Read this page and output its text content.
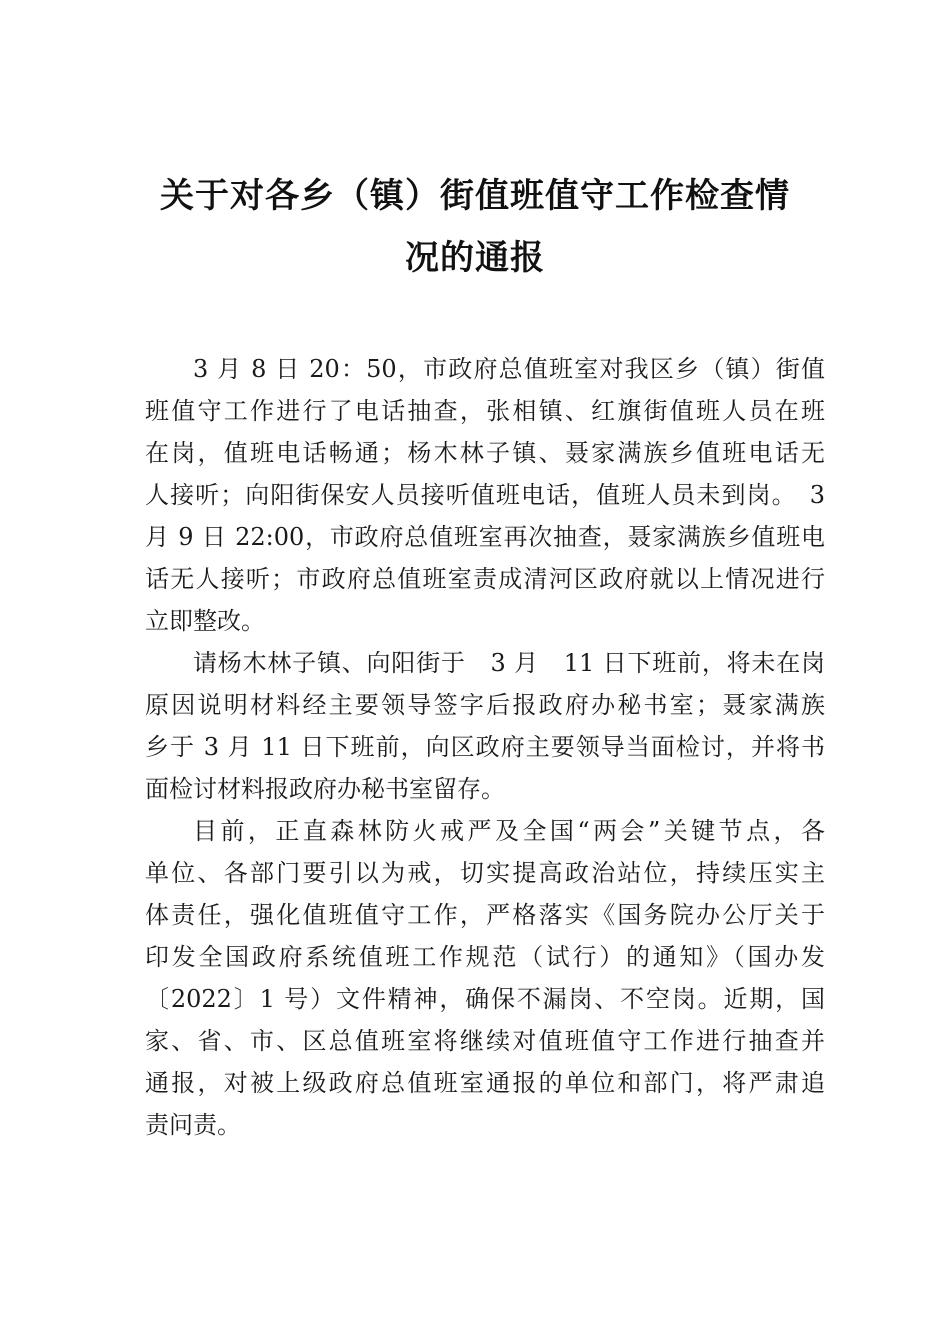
关于对各乡（镇）街值班值守工作检查情
况的通报
3 月 8 日 20：50，市政府总值班室对我区乡（镇）街值
班值守工作进行了电话抽查，张相镇、红旗街值班人员在班
在岗，值班电话畅通；杨木林子镇、聂家满族乡值班电话无
人接听；向阳街保安人员接听值班电话，值班人员未到岗。　3
月 9 日 22:00，市政府总值班室再次抽查，聂家满族乡值班电
话无人接听；市政府总值班室责成清河区政府就以上情况进行
立即整改。
请杨木林子镇、向阳街于　3 月　11 日下班前，将未在岗
原因说明材料经主要领导签字后报政府办秘书室；聂家满族
乡于 3 月 11 日下班前，向区政府主要领导当面检讨，并将书
面检讨材料报政府办秘书室留存。
目前，正直森林防火戒严及全国“两会”关键节点，各
单位、各部门要引以为戒，切实提高政治站位，持续压实主
体责任，强化值班值守工作，严格落实《国务院办公厅关于
印发全国政府系统值班工作规范（试行）的通知》（国办发
〔2022〕1 号）文件精神，确保不漏岗、不空岗。近期，国
家、省、市、区总值班室将继续对值班值守工作进行抽查并
通报，对被上级政府总值班室通报的单位和部门，将严肃追
责问责。
